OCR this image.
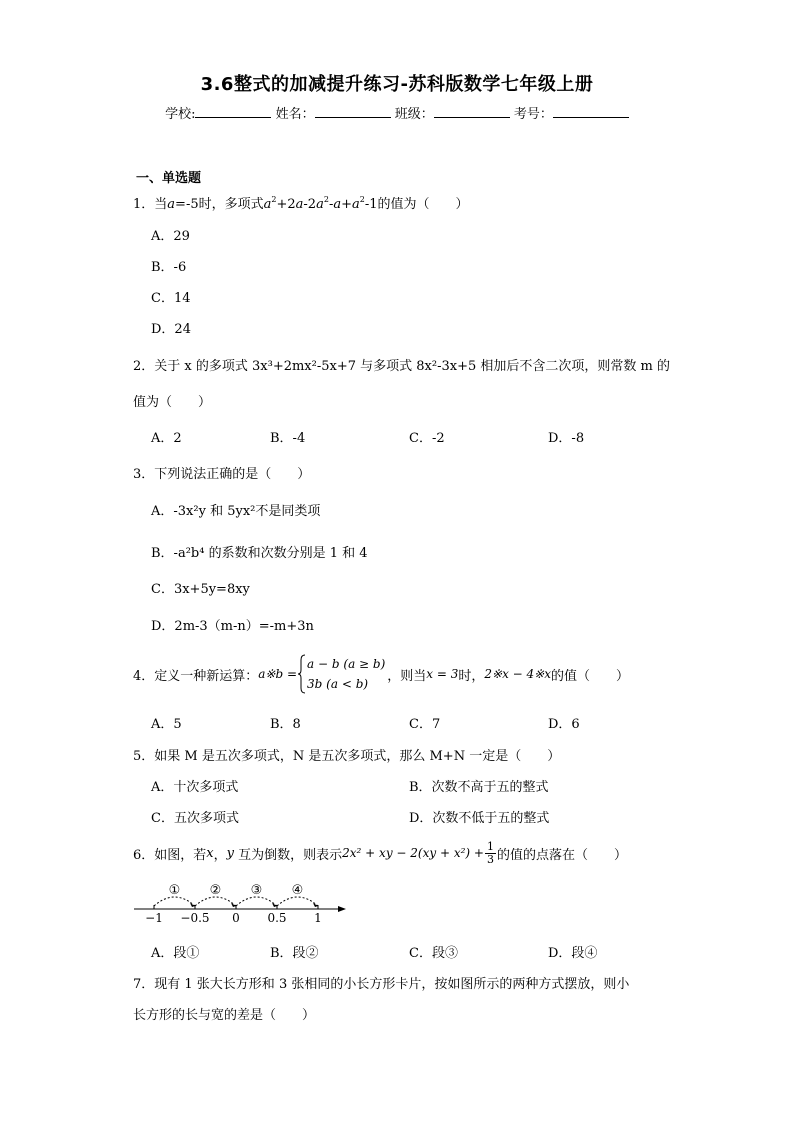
3.6整式的加减提升练习-苏科版数学七年级上册
学校:	姓名：	班级：	考号：
一、单选题
1．当a=-5时，多项式$a^2+2a-2a^2-a+a^2-1$的值为（　　）
A．29
B．-6
C．14
D．24
2．关于 x 的多项式 3x³+2mx²-5x+7 与多项式 8x²-3x+5 相加后不含二次项，则常数 m 的
值为（　　）
A．2	B．-4	C．-2	D．-8
3．下列说法正确的是（　　）
A．-3x²y 和 5yx²不是同类项
B．-a²b⁴ 的系数和次数分别是 1 和 4
C．3x+5y=8xy
D．2m-3（m-n）=-m+3n
4．定义一种新运算： a※b =
a − b (a ≥ b)
3b (a < b)
，则当 x = 3 时， 2※x − 4※x 的值（　　）
A．5	B．8	C．7	D．6
5．如果 M 是五次多项式，N 是五次多项式，那么 M+N 一定是（　　）
A．十次多项式	B．次数不高于五的整式
C．五次多项式	D．次数不低于五的整式
6．如图，若 x ， y
互为倒数，则表示 2x² + xy − $2(xy + x^2) + \frac{1}{3}$ 的值的点落在（　　）
−1 −0.5 0 0.5 1
① ② ③ ④
A．段①	B．段②	C．段③	D．段④
7．现有 1 张大长方形和 3 张相同的小长方形卡片，按如图所示的两种方式摆放，则小
长方形的长与宽的差是（　　）
